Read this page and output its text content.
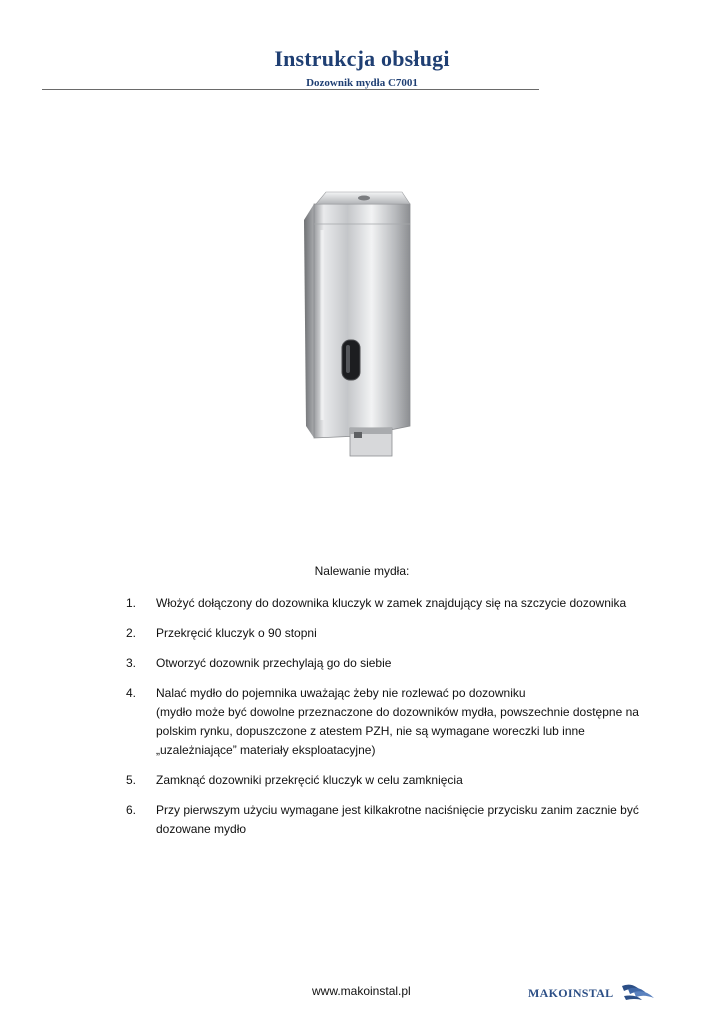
Instrukcja obsługi
Dozownik mydła C7001
Nalewanie mydła:
1. Włożyć dołączony do dozownika kluczyk w zamek znajdujący się na szczycie dozownika
2. Przekręcić kluczyk o 90 stopni
3. Otworzyć dozownik przechylają go do siebie
4. Nalać mydło do pojemnika uważając żeby nie rozlewać po dozowniku
(mydło może być dowolne przeznaczone do dozowników mydła, powszechnie dostępne na
polskim rynku, dopuszczone z atestem PZH, nie są wymagane woreczki lub inne
„uzależniające” materiały eksploatacyjne)
5. Zamknąć dozowniki przekręcić kluczyk w celu zamknięcia
6. Przy pierwszym użyciu wymagane jest kilkakrotne naciśnięcie przycisku zanim zacznie być
dozowane mydło
www.makoinstal.pl	MAKOINSTAL
